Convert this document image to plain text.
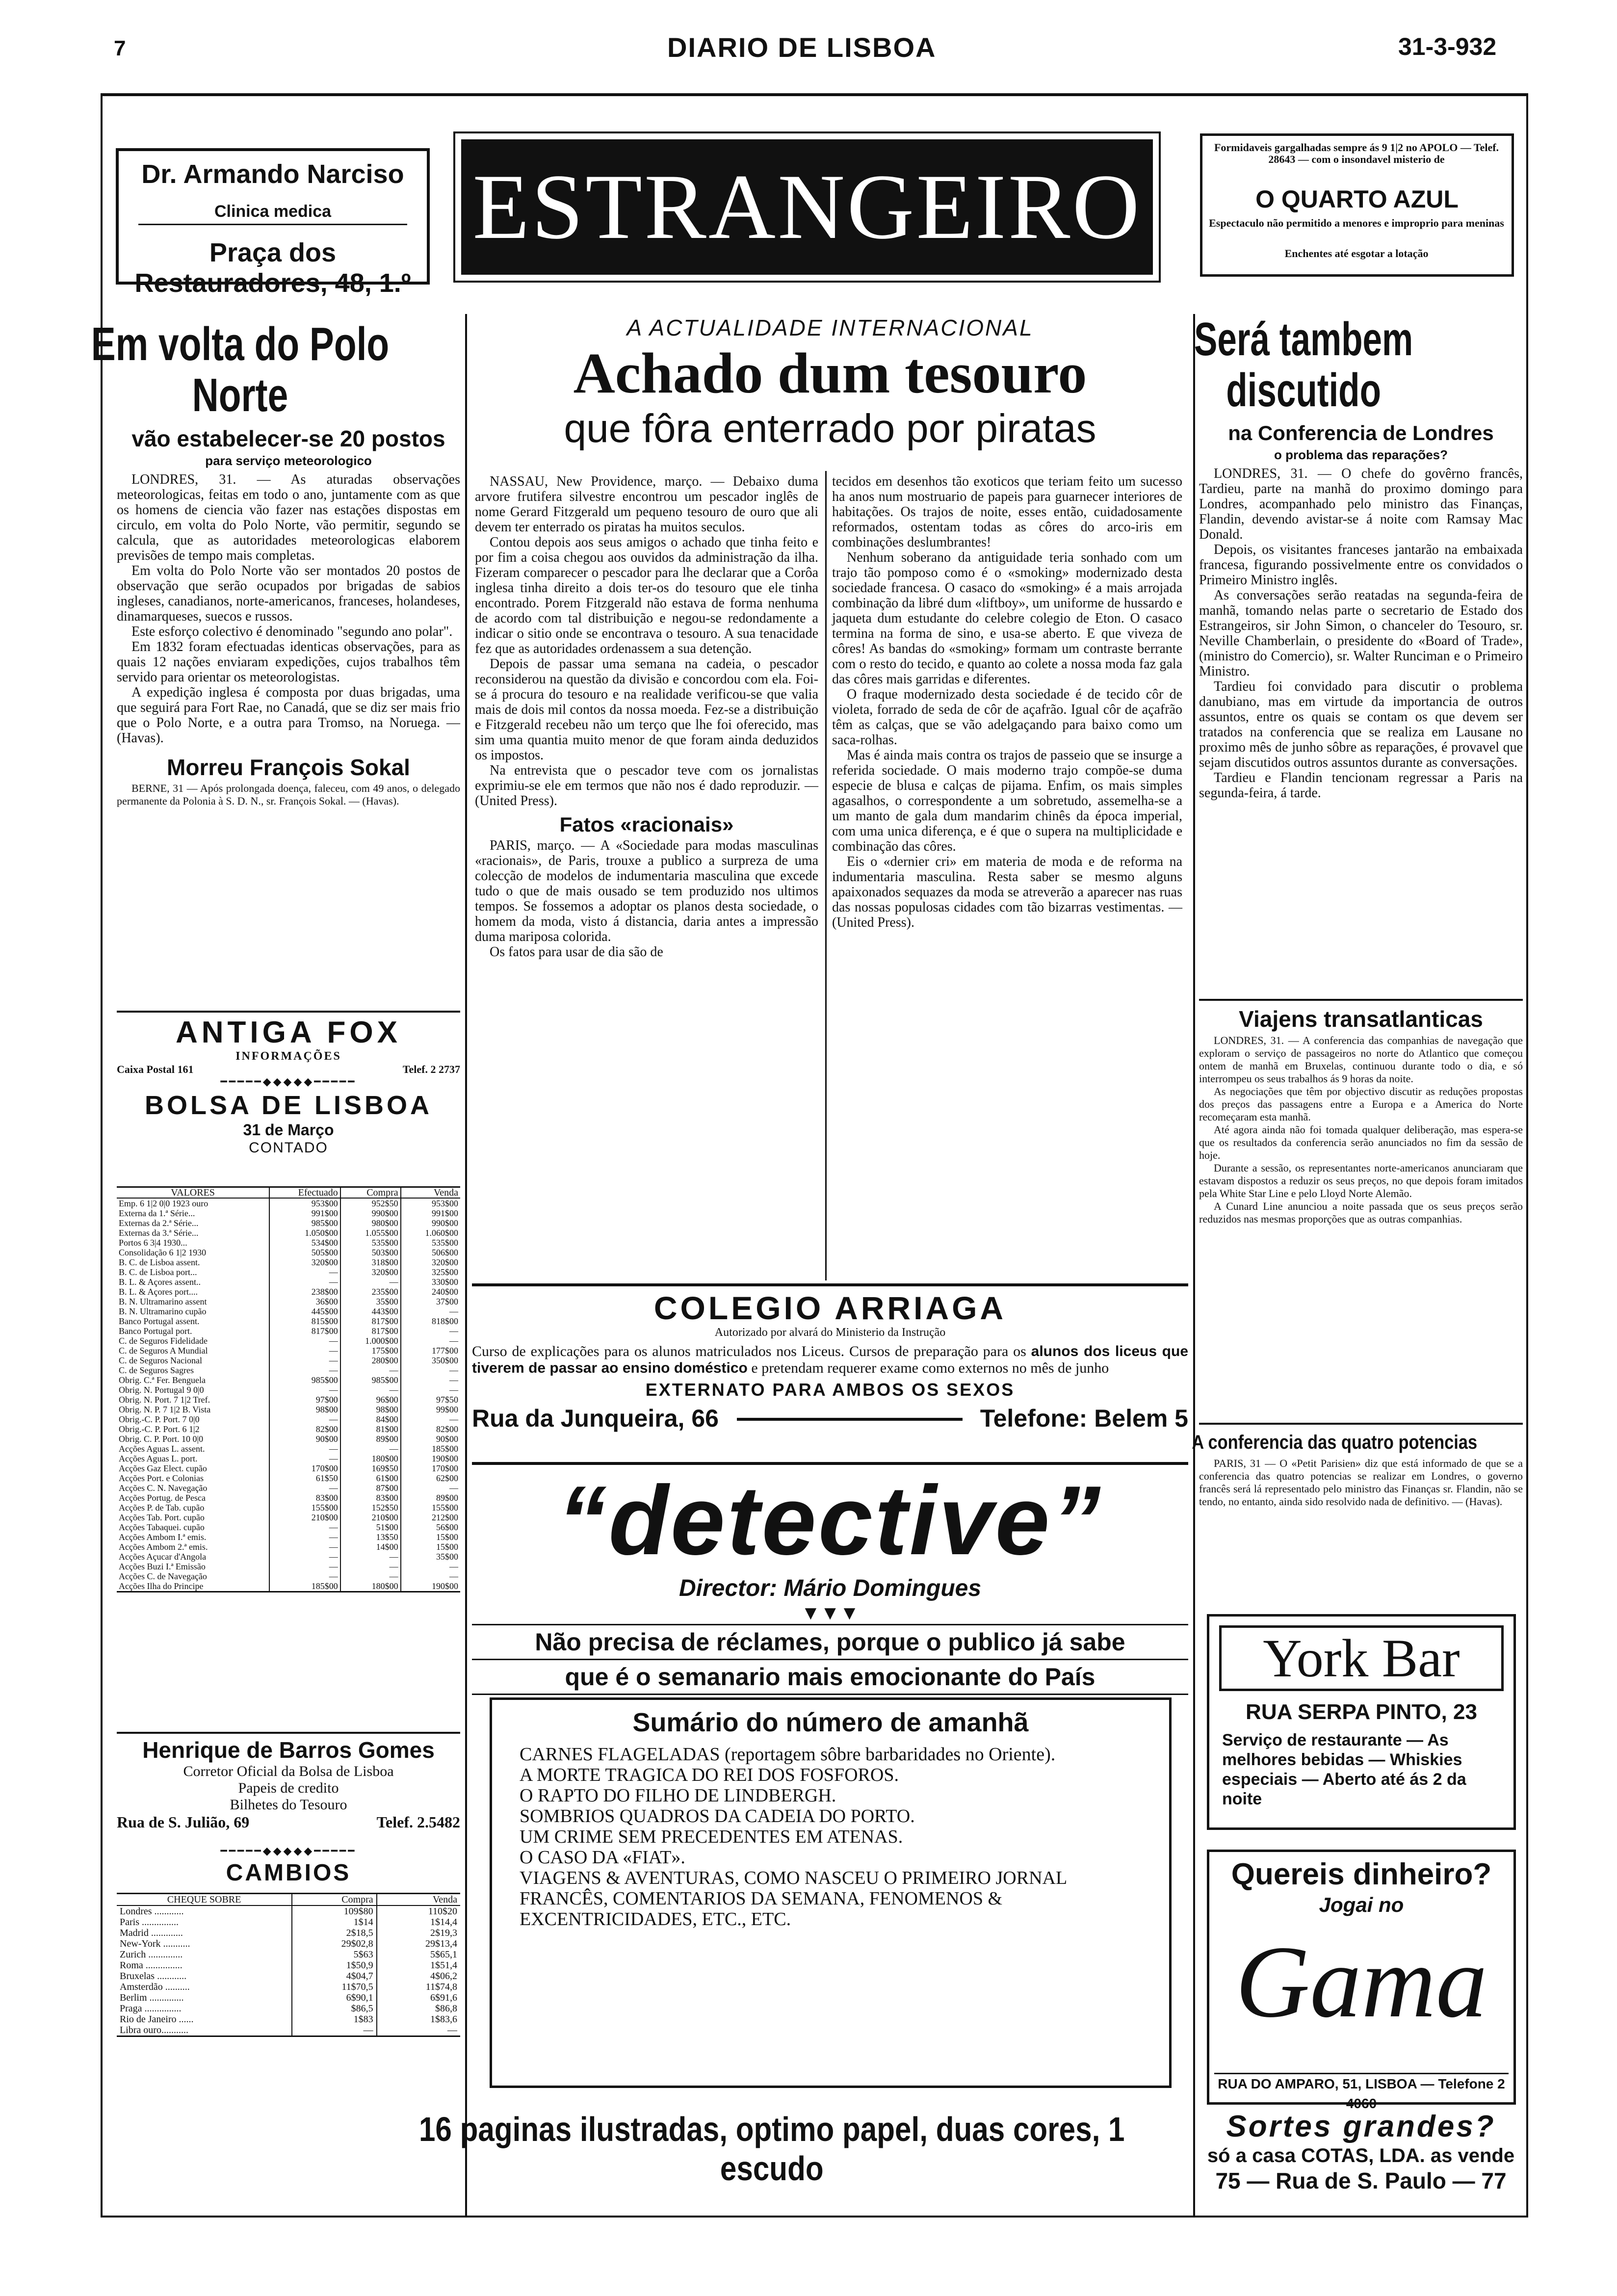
7	DIARIO DE LISBOA	31-3-932
Dr. Armando Narciso
Clinica medica
Praça dos Restauradores, 48, 1.º
ESTRANGEIRO
Formidaveis gargalhadas sempre ás 9 1|2 no APOLO — Telef. 28643 — com o insondavel misterio de
O QUARTO AZUL
Espectaculo não permitido a menores e improprio para meninas
Enchentes até esgotar a lotação
Em volta do Polo Norte
vão estabelecer-se 20 postos
para serviço meteorologico

LONDRES, 31. — As aturadas observações meteorologicas, feitas em todo o ano, juntamente com as que os homens de ciencia vão fazer nas estações dispostas em circulo, em volta do Polo Norte, vão permitir, segundo se calcula, que as autoridades meteorologicas elaborem previsões de tempo mais completas.

Em volta do Polo Norte vão ser montados 20 postos de observação que serão ocupados por brigadas de sabios ingleses, canadianos, norte-americanos, franceses, holandeses, dinamarqueses, suecos e russos.

Este esforço colectivo é denominado "segundo ano polar".

Em 1832 foram efectuadas identicas observações, para as quais 12 nações enviaram expedições, cujos trabalhos têm servido para orientar os meteorologistas.

A expedição inglesa é composta por duas brigadas, uma que seguirá para Fort Rae, no Canadá, que se diz ser mais frio que o Polo Norte, e a outra para Tromso, na Noruega. — (Havas).

Morreu François Sokal

BERNE, 31 — Após prolongada doença, faleceu, com 49 anos, o delegado permanente da Polonia à S. D. N., sr. François Sokal. — (Havas).

ANTIGA FOX
INFORMAÇÕES
Caixa Postal 161	Telef. 2 2737
━━━━━◆◆◆◆◆━━━━━
BOLSA DE LISBOA
31 de Março
CONTADO
VALORES	Efectuado	Compra	Venda
Emp. 6 1|2 0|0 1923 ouro	953$00	952$50	953$00
Externa da 1.ª Série...	991$00	990$00	991$00
Externas da 2.ª Série...	985$00	980$00	990$00
Externas da 3.ª Série...	1.050$00	1.055$00	1.060$00
Portos 6 3|4 1930...	534$00	535$00	535$00
Consolidação 6 1|2 1930	505$00	503$00	506$00
B. C. de Lisboa assent.	320$00	318$00	320$00
B. C. de Lisboa port...	—	320$00	325$00
B. L. & Açores assent..	—	—	330$00
B. L. & Açores port....	238$00	235$00	240$00
B. N. Ultramarino assent	36$00	35$00	37$00
B. N. Ultramarino cupão	445$00	443$00	—
Banco Portugal assent.	815$00	817$00	818$00
Banco Portugal port.	817$00	817$00	—
C. de Seguros Fidelidade	—	1.000$00	—
C. de Seguros A Mundial	—	175$00	177$00
C. de Seguros Nacional	—	280$00	350$00
C. de Seguros Sagres	—	—	—
Obrig. C.ª Fer. Benguela	985$00	985$00	—
Obrig. N. Portugal 9 0|0	—	—	—
Obrig. N. Port. 7 1|2 Tref.	97$00	96$00	97$50
Obrig. N. P. 7 1|2 B. Vista	98$00	98$00	99$00
Obrig.-C. P. Port. 7 0|0	—	84$00	—
Obrig.-C. P. Port. 6 1|2	82$00	81$00	82$00
Obrig. C. P. Port. 10 0|0	90$00	89$00	90$00
Acções Aguas L. assent.	—	—	185$00
Acções Aguas L. port.	—	180$00	190$00
Acções Gaz Elect. cupão	170$00	169$50	170$00
Acções Port. e Colonias	61$50	61$00	62$00
Acções C. N. Navegação	—	87$00	—
Acções Portug. de Pesca	83$00	83$00	89$00
Acções P. de Tab. cupão	155$00	152$50	155$00
Acções Tab. Port. cupão	210$00	210$00	212$00
Acções Tabaquei. cupão	—	51$00	56$00
Acções Ambom I.ª emis.	—	13$50	15$00
Acções Ambom 2.ª emis.	—	14$00	15$00
Acções Açucar d'Angola	—	—	35$00
Acções Buzi I.ª Emissão	—	—	—
Acções C. de Navegação	—	—	—
Acções Ilha do Principe	185$00	180$00	190$00
Henrique de Barros Gomes
Corretor Oficial da Bolsa de Lisboa
Papeis de credito
Bilhetes do Tesouro
Rua de S. Julião, 69	Telef. 2.5482
━━━━━◆◆◆◆◆━━━━━
CAMBIOS
CHEQUE SOBRE	Compra	Venda
Londres ............	109$80	110$20
Paris ...............	1$14	1$14,4
Madrid .............	2$18,5	2$19,3
New-York ...........	29$02,8	29$13,4
Zurich ..............	5$63	5$65,1
Roma ...............	1$50,9	1$51,4
Bruxelas ............	4$04,7	4$06,2
Amsterdão ..........	11$70,5	11$74,8
Berlim ..............	6$90,1	6$91,6
Praga ...............	$86,5	$86,8
Rio de Janeiro ......	1$83	1$83,6
Libra ouro...........	—	—
A ACTUALIDADE INTERNACIONAL
Achado dum tesouro
que fôra enterrado por piratas

NASSAU, New Providence, março. — Debaixo duma arvore frutifera silvestre encontrou um pescador inglês de nome Gerard Fitzgerald um pequeno tesouro de ouro que ali devem ter enterrado os piratas ha muitos seculos.

Contou depois aos seus amigos o achado que tinha feito e por fim a coisa chegou aos ouvidos da administração da ilha. Fizeram comparecer o pescador para lhe declarar que a Corôa inglesa tinha direito a dois ter-os do tesouro que ele tinha encontrado. Porem Fitzgerald não estava de forma nenhuma de acordo com tal distribuição e negou-se redondamente a indicar o sitio onde se encontrava o tesouro. A sua tenacidade fez que as autoridades ordenassem a sua detenção.

Depois de passar uma semana na cadeia, o pescador reconsiderou na questão da divisão e concordou com ela. Foi-se á procura do tesouro e na realidade verificou-se que valia mais de dois mil contos da nossa moeda. Fez-se a distribuição e Fitzgerald recebeu não um terço que lhe foi oferecido, mas sim uma quantia muito menor de que foram ainda deduzidos os impostos.

Na entrevista que o pescador teve com os jornalistas exprimiu-se ele em termos que não nos é dado reproduzir. — (United Press).

Fatos «racionais»

PARIS, março. — A «Sociedade para modas masculinas «racionais», de Paris, trouxe a publico a surpreza de uma colecção de modelos de indumentaria masculina que excede tudo o que de mais ousado se tem produzido nos ultimos tempos. Se fossemos a adoptar os planos desta sociedade, o homem da moda, visto á distancia, daria antes a impressão duma mariposa colorida.

Os fatos para usar de dia são de

tecidos em desenhos tão exoticos que teriam feito um sucesso ha anos num mostruario de papeis para guarnecer interiores de habitações. Os trajos de noite, esses então, cuidadosamente reformados, ostentam todas as côres do arco-iris em combinações deslumbrantes!

Nenhum soberano da antiguidade teria sonhado com um trajo tão pomposo como é o «smoking» modernizado desta sociedade francesa. O casaco do «smoking» é a mais arrojada combinação da libré dum «liftboy», um uniforme de hussardo e jaqueta dum estudante do celebre colegio de Eton. O casaco termina na forma de sino, e usa-se aberto. E que viveza de côres! As bandas do «smoking» formam um contraste berrante com o resto do tecido, e quanto ao colete a nossa moda faz gala das côres mais garridas e diferentes.

O fraque modernizado desta sociedade é de tecido côr de violeta, forrado de seda de côr de açafrão. Igual côr de açafrão têm as calças, que se vão adelgaçando para baixo como um saca-rolhas.

Mas é ainda mais contra os trajos de passeio que se insurge a referida sociedade. O mais moderno trajo compõe-se duma especie de blusa e calças de pijama. Enfim, os mais simples agasalhos, o correspondente a um sobretudo, assemelha-se a um manto de gala dum mandarim chinês da época imperial, com uma unica diferença, e é que o supera na multiplicidade e combinação das côres.

Eis o «dernier cri» em materia de moda e de reforma na indumentaria masculina. Resta saber se mesmo alguns apaixonados sequazes da moda se atreverão a aparecer nas ruas das nossas populosas cidades com tão bizarras vestimentas. — (United Press).

COLEGIO ARRIAGA
Autorizado por alvará do Ministerio da Instrução

Curso de explicações para os alunos matriculados nos Liceus. Cursos de preparação para os alunos dos liceus que tiverem de passar ao ensino doméstico e pretendam requerer exame como externos no mês de junho

EXTERNATO PARA AMBOS OS SEXOS
Rua da Junqueira, 66	Telefone: Belem 5
“detective”
Director: Mário Domingues
▼▼▼
Não precisa de réclames, porque o publico já sabe
que é o semanario mais emocionante do País
Sumário do número de amanhã
CARNES FLAGELADAS (reportagem sôbre barbaridades no Oriente).
A MORTE TRAGICA DO REI DOS FOSFOROS.
O RAPTO DO FILHO DE LINDBERGH.
SOMBRIOS QUADROS DA CADEIA DO PORTO.
UM CRIME SEM PRECEDENTES EM ATENAS.
O CASO DA «FIAT».
VIAGENS & AVENTURAS, COMO NASCEU O PRIMEIRO JORNAL FRANCÊS, COMENTARIOS DA SEMANA, FENOMENOS & EXCENTRICIDADES, ETC., ETC.
16 paginas ilustradas, optimo papel, duas cores, 1 escudo
Será tambem discutido
na Conferencia de Londres
o problema das reparações?

LONDRES, 31. — O chefe do govêrno francês, Tardieu, parte na manhã do proximo domingo para Londres, acompanhado pelo ministro das Finanças, Flandin, devendo avistar-se á noite com Ramsay Mac Donald.

Depois, os visitantes franceses jantarão na embaixada francesa, figurando possivelmente entre os convidados o Primeiro Ministro inglês.

As conversações serão reatadas na segunda-feira de manhã, tomando nelas parte o secretario de Estado dos Estrangeiros, sir John Simon, o chanceler do Tesouro, sr. Neville Chamberlain, o presidente do «Board of Trade», (ministro do Comercio), sr. Walter Runciman e o Primeiro Ministro.

Tardieu foi convidado para discutir o problema danubiano, mas em virtude da importancia de outros assuntos, entre os quais se contam os que devem ser tratados na conferencia que se realiza em Lausane no proximo mês de junho sôbre as reparações, é provavel que sejam discutidos outros assuntos durante as conversações.

Tardieu e Flandin tencionam regressar a Paris na segunda-feira, á tarde.

Viajens transatlanticas

LONDRES, 31. — A conferencia das companhias de navegação que exploram o serviço de passageiros no norte do Atlantico que começou ontem de manhã em Bruxelas, continuou durante todo o dia, e só interrompeu os seus trabalhos ás 9 horas da noite.

As negociações que têm por objectivo discutir as reduções propostas dos preços das passagens entre a Europa e a America do Norte recomeçaram esta manhã.

Até agora ainda não foi tomada qualquer deliberação, mas espera-se que os resultados da conferencia serão anunciados no fim da sessão de hoje.

Durante a sessão, os representantes norte-americanos anunciaram que estavam dispostos a reduzir os seus preços, no que depois foram imitados pela White Star Line e pelo Lloyd Norte Alemão.

A Cunard Line anunciou a noite passada que os seus preços serão reduzidos nas mesmas proporções que as outras companhias.

A conferencia das quatro potencias

PARIS, 31 — O «Petit Parisien» diz que está informado de que se a conferencia das quatro potencias se realizar em Londres, o governo francês será lá representado pelo ministro das Finanças sr. Flandin, não se tendo, no entanto, ainda sido resolvido nada de definitivo. — (Havas).

York Bar
RUA SERPA PINTO, 23
Serviço de restaurante — As melhores bebidas — Whiskies especiais — Aberto até ás 2 da noite
Quereis dinheiro?
Jogai no
Gama
RUA DO AMPARO, 51, LISBOA — Telefone 2 4060
Sortes grandes?
só a casa COTAS, LDA. as vende
75 — Rua de S. Paulo — 77
